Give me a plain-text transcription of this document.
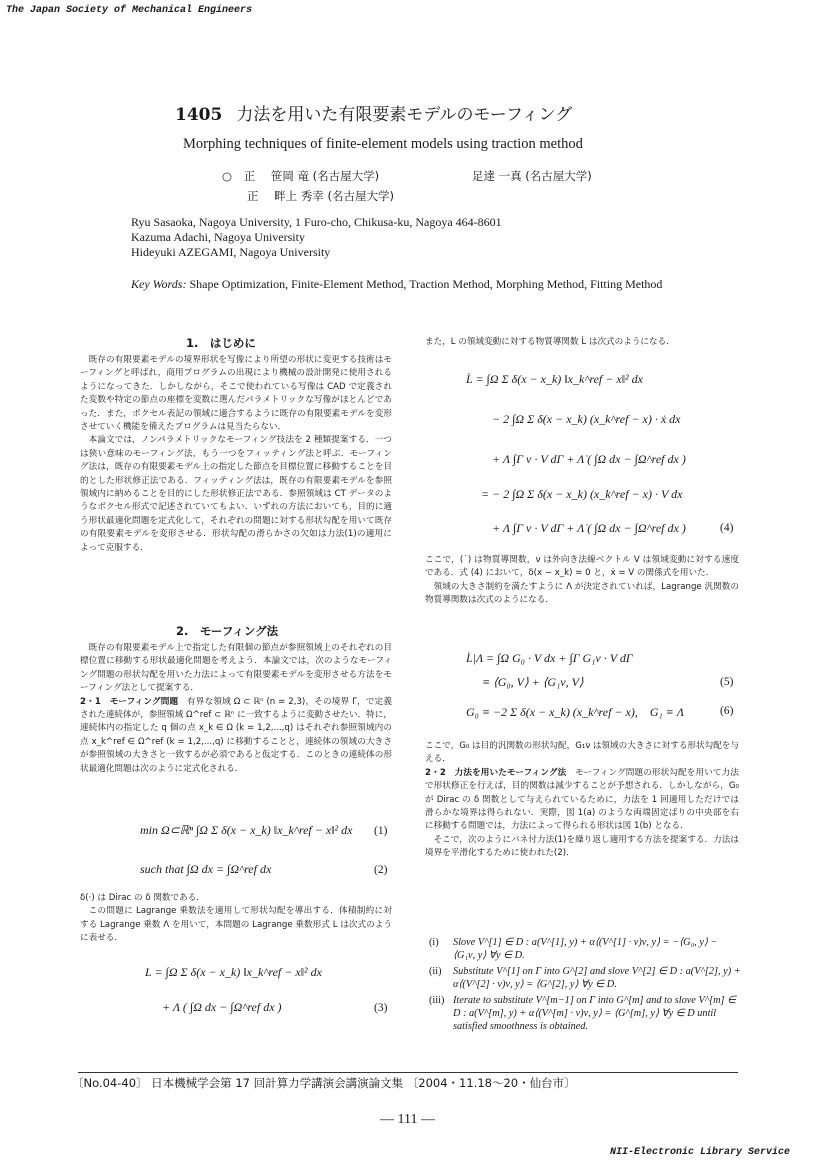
The Japan Society of Mechanical Engineers
1405 力法を用いた有限要素モデルのモーフィング
Morphing techniques of finite-element models using traction method
○ 正 笹岡 竜 (名古屋大学)	足達 一真 (名古屋大学)
正 畔上 秀幸 (名古屋大学)
Ryu Sasaoka, Nagoya University, 1 Furo-cho, Chikusa-ku, Nagoya 464-8601
Kazuma Adachi, Nagoya University
Hideyuki AZEGAMI, Nagoya University
Key Words: Shape Optimization, Finite-Element Method, Traction Method, Morphing Method, Fitting Method
1.　はじめに

既存の有限要素モデルの境界形状を写像により所望の形状に変更する技術はモーフィングと呼ばれ，商用プログラムの出現により機械の設計開発に使用されるようになってきた．しかしながら，そこで使われている写像は CAD で定義された変数や特定の節点の座標を変数に選んだパラメトリックな写像がほとんどであった．また，ボクセル表記の領域に適合するように既存の有限要素モデルを変形させていく機能を備えたプログラムは見当たらない．

本論文では，ノンパラメトリックなモーフィング技法を 2 種類提案する．一つは狭い意味のモーフィング法，もう一つをフィッティング法と呼ぶ．モーフィング法は，既存の有限要素モデル上の指定した節点を目標位置に移動することを目的とした形状修正法である．フィッティング法は，既存の有限要素モデルを参照領域内に納めることを目的にした形状修正法である．参照領域は CT データのようなボクセル形式で記述されていてもよい．いずれの方法においても，目的に適う形状最適化問題を定式化して，それぞれの問題に対する形状勾配を用いて既存の有限要素モデルを変形させる．形状勾配の滑らかさの欠如は力法(1)の適用によって克服する．

2.　モーフィング法

既存の有限要素モデル上で指定した有限個の節点が参照領域上のそれぞれの目標位置に移動する形状最適化問題を考えよう．本論文では，次のようなモーフィング問題の形状勾配を用いた力法によって有限要素モデルを変形させる方法をモーフィング法として提案する．

2・1　モーフィング問題　 有界な領域 Ω ⊂ ℝⁿ (n = 2,3)，その境界 Γ，で定義された連続体が，参照領域 Ω^ref ⊂ ℝⁿ に一致するように変動させたい．特に，連続体内の指定した q 個の点 x_k ∈ Ω (k = 1,2,...,q) はそれぞれ参照領域内の点 x_k^ref ∈ Ω^ref (k = 1,2,...,q) に移動することと，連続体の領域の大きさが参照領域の大きさと一致するが必須であると仮定する．このときの連続体の形状最適化問題は次のように定式化される．

min Ω⊂ℝⁿ ∫Ω Σ δ(x − x_k) ‖x_k^ref − x‖² dx (1)
such that ∫Ω dx = ∫Ω^ref dx	(2)

δ(·) は Dirac の δ 関数である．

この問題に Lagrange 乗数法を適用して形状勾配を導出する．体積制約に対する Lagrange 乗数 Λ を用いて，本問題の Lagrange 乗数形式 L は次式のように表せる．

L = ∫Ω Σ δ(x − x_k) ‖x_k^ref − x‖² dx
+ Λ ( ∫Ω dx − ∫Ω^ref dx )	(3)

また，L の領域変動に対する物質導関数 L̇ は次式のようになる．

L̇ = ∫Ω Σ δ(x − x_k) ‖x_k^ref − x‖² dx
− 2 ∫Ω Σ δ(x − x_k) (x_k^ref − x) · ẋ dx
+ Λ ∫Γ ν · V dΓ + Λ̇ ( ∫Ω dx − ∫Ω^ref dx )
= − 2 ∫Ω Σ δ(x − x_k) (x_k^ref − x) · V dx
+ Λ ∫Γ ν · V dΓ + Λ̇ ( ∫Ω dx − ∫Ω^ref dx )	(4)

ここで，(˙) は物質導関数，ν は外向き法線ベクトル V は領域変動に対する速度である．式 (4) において，δ(x − x_k) = 0 と，ẋ = V の関係式を用いた．

領域の大きさ制約を満たすように Λ が決定されていれば，Lagrange 汎関数の物質導関数は次式のようになる．

L̇|Λ = ∫Ω G₀ · V dx + ∫Γ G₁ν · V dΓ
≡ ⟨G₀, V⟩ + ⟨G₁ν, V⟩	(5)
G₀ ≡ −2 Σ δ(x − x_k) (x_k^ref − x),　G₁ ≡ Λ	(6)

ここで，G₀ は目的汎関数の形状勾配，G₁ν は領域の大きさに対する形状勾配を与える．

2・2　力法を用いたモーフィング法　 モーフィング問題の形状勾配を用いて力法で形状修正を行えば，目的関数は減少することが予想される．しかしながら，G₀ が Dirac の δ 関数として与えられているために，力法を 1 回適用しただけでは滑らかな境界は得られない．実際，図 1(a) のような両端固定ばりの中央部を右に移動する問題では，力法によって得られる形状は図 1(b) となる．

そこで，次のようにバネ付力法(1)を繰り返し適用する方法を提案する．力法は境界を平滑化するために使われた(2)．

(i)	Slove V^[1] ∈ D : a(V^[1], y) + α⟨(V^[1] · ν)ν, y⟩ = −⟨G₀, y⟩ − ⟨G₁ν, y⟩ ∀y ∈ D.
(ii)	Substitute V^[1] on Γ into G^[2] and slove V^[2] ∈ D : a(V^[2], y) + α⟨(V^[2] · ν)ν, y⟩ = ⟨G^[2], y⟩ ∀y ∈ D.
(iii) Iterate to substitute V^[m−1] on Γ into G^[m] and to slove V^[m] ∈ D : a(V^[m], y) + α⟨(V^[m] · ν)ν, y⟩ = ⟨G^[m], y⟩ ∀y ∈ D until satisfied smoothness is obtained.
〔No.04-40〕 日本機械学会第 17 回計算力学講演会講演論文集 〔2004・11.18〜20・仙台市〕
— 111 —
NII-Electronic Library Service
